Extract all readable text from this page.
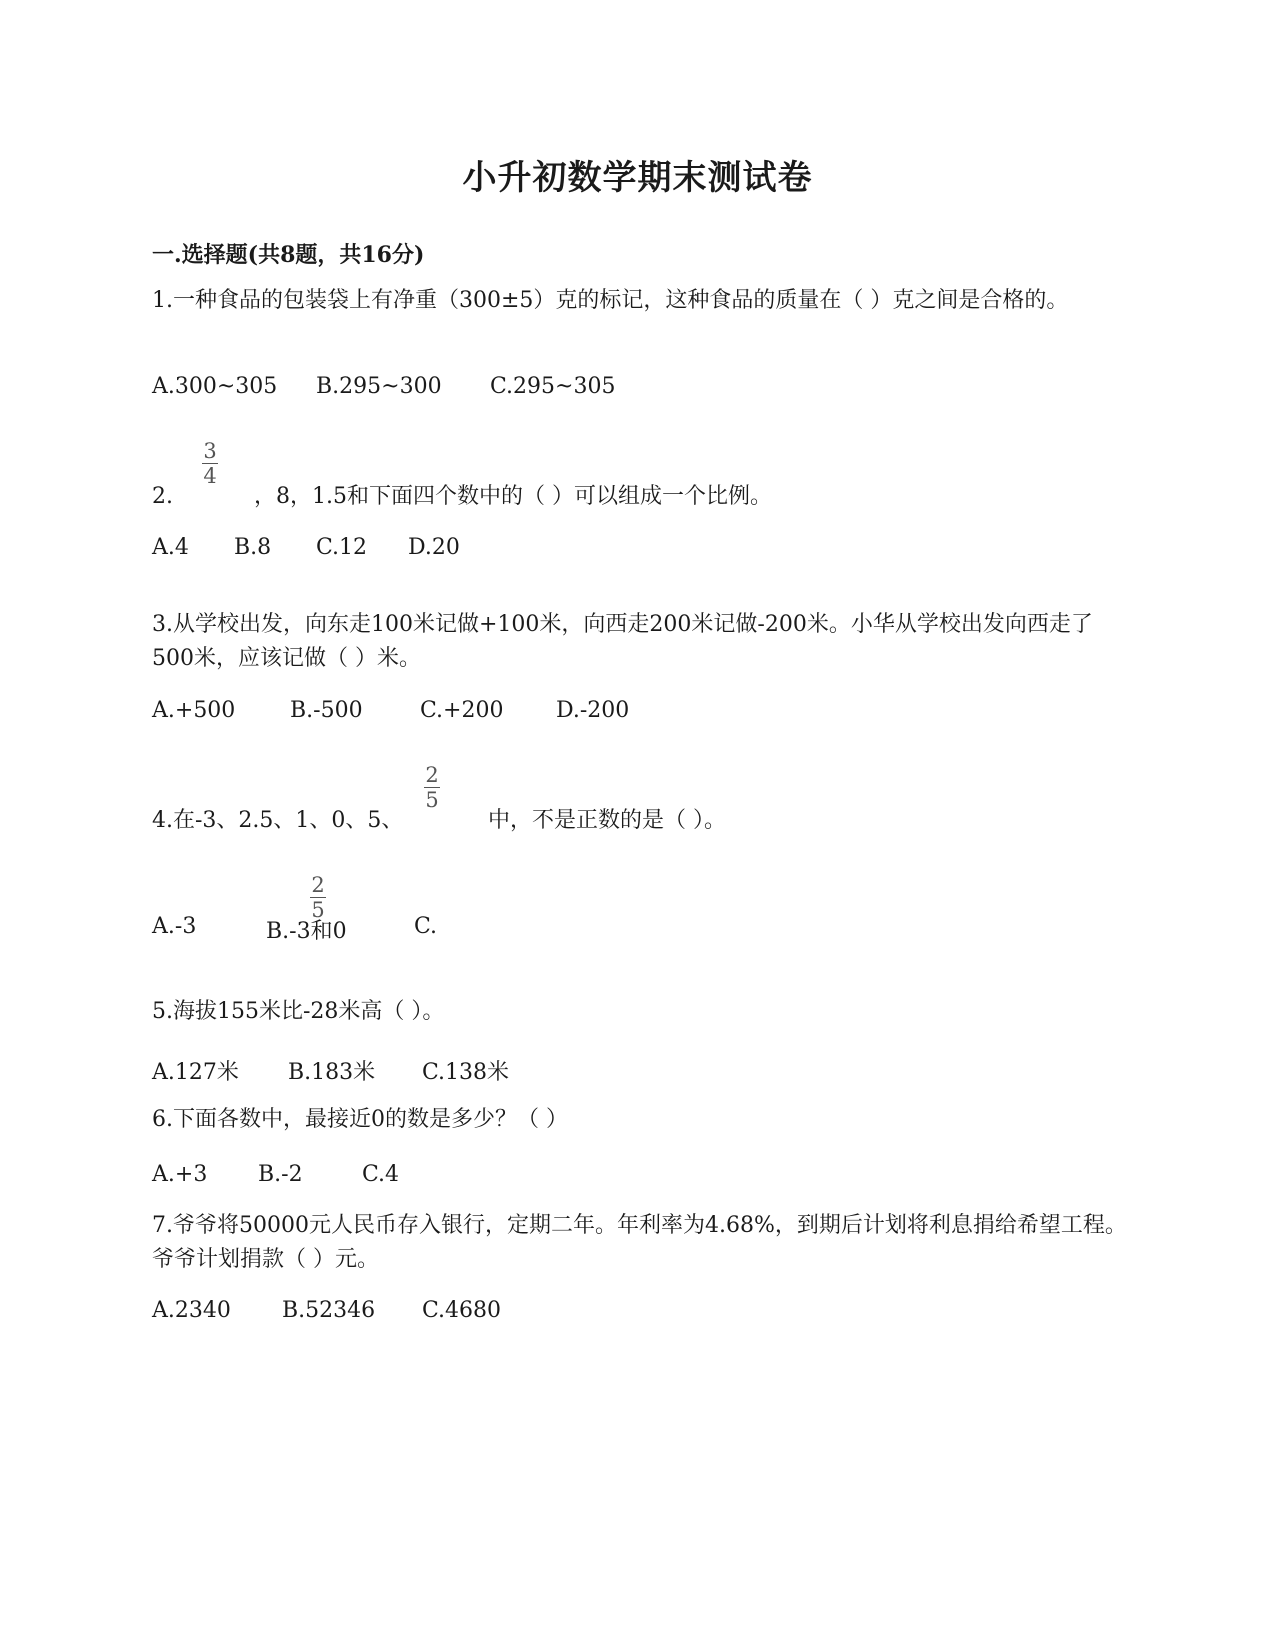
小升初数学期末测试卷
一.选择题(共8题，共16分)
1.一种食品的包装袋上有净重（300±5）克的标记，这种食品的质量在（ ）克之间是合格的。
A.300~305 B.295~300 C.295~305
2.
3
4
，8，1.5和下面四个数中的（ ）可以组成一个比例。
A.4 B.8 C.12 D.20
3.从学校出发，向东走100米记做+100米，向西走200米记做-200米。小华从学校出发向西走了500米，应该记做（ ）米。
A.+500 B.-500	C.+200 D.-200
4.在-3、2.5、1、0、5、
2
5
中，不是正数的是（ ）。
A.-3	B.-3和0	C.
2
5
5.海拔155米比-28米高（ ）。
A.127米 B.183米 C.138米
6.下面各数中，最接近0的数是多少？（ ）
A.+3 B.-2	C.4
7.爷爷将50000元人民币存入银行，定期二年。年利率为4.68%，到期后计划将利息捐给希望工程。爷爷计划捐款（ ）元。
A.2340 B.52346 C.4680
